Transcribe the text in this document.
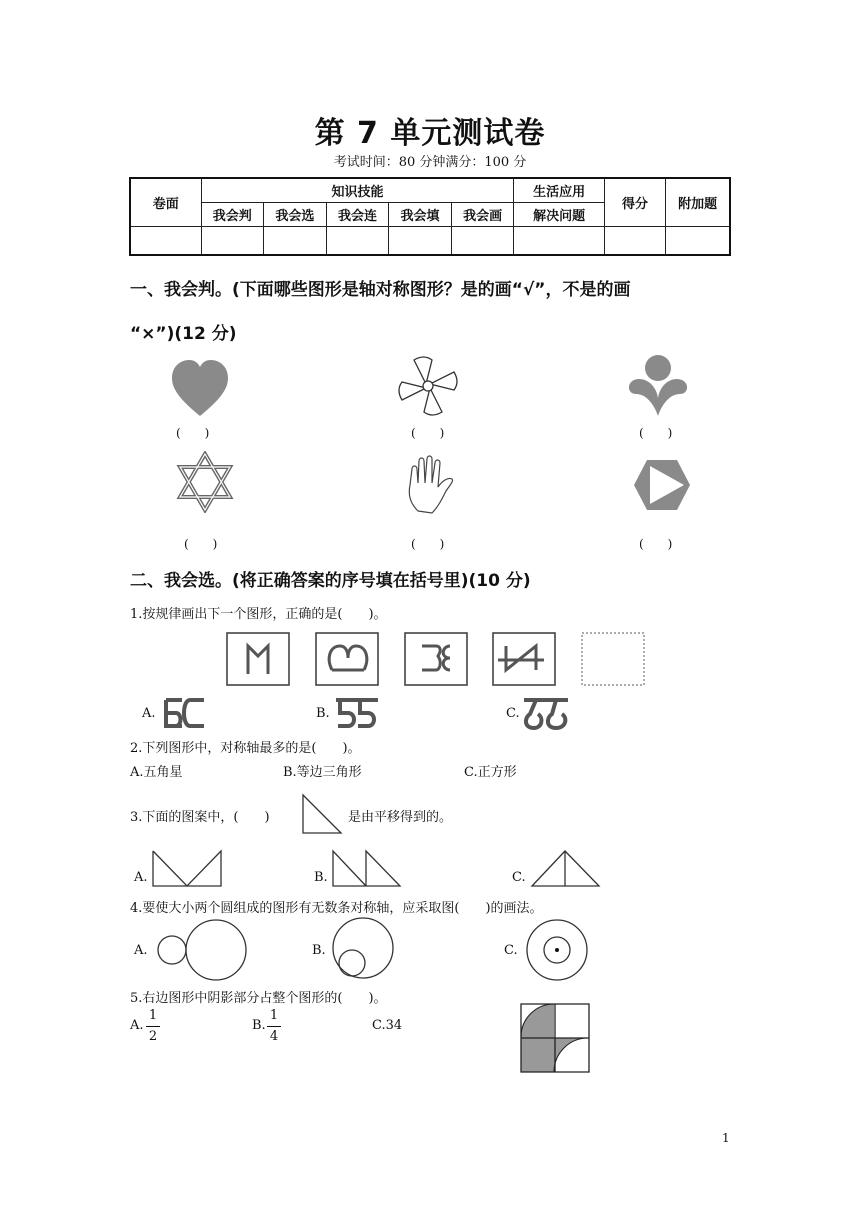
第 7 单元测试卷
考试时间：80 分钟满分：100 分
卷面	知识技能					生活应用	得分	附加题
	我会判	我会选	我会连	我会填	我会画	解决问题		

一、我会判。(下面哪些图形是轴对称图形？是的画“√”，不是的画
“×”)(12 分)
(　　)	(　　)	(　　)
(　　)	(　　)	(　　)
二、我会选。(将正确答案的序号填在括号里)(10 分)
1.按规律画出下一个图形，正确的是(　　)。
A.	B.	C.
2.下列图形中，对称轴最多的是(　　)。
A.五角星	B.等边三角形	C.正方形
3.下面的图案中，(　　)	是由平移得到的。
A.	B.	C.
4.要使大小两个圆组成的图形有无数条对称轴，应采取图(　　)的画法。
A.	B.	C.
5.右边图形中阴影部分占整个图形的(　　)。
A.
1
2
B.
1
4
C.34
1
